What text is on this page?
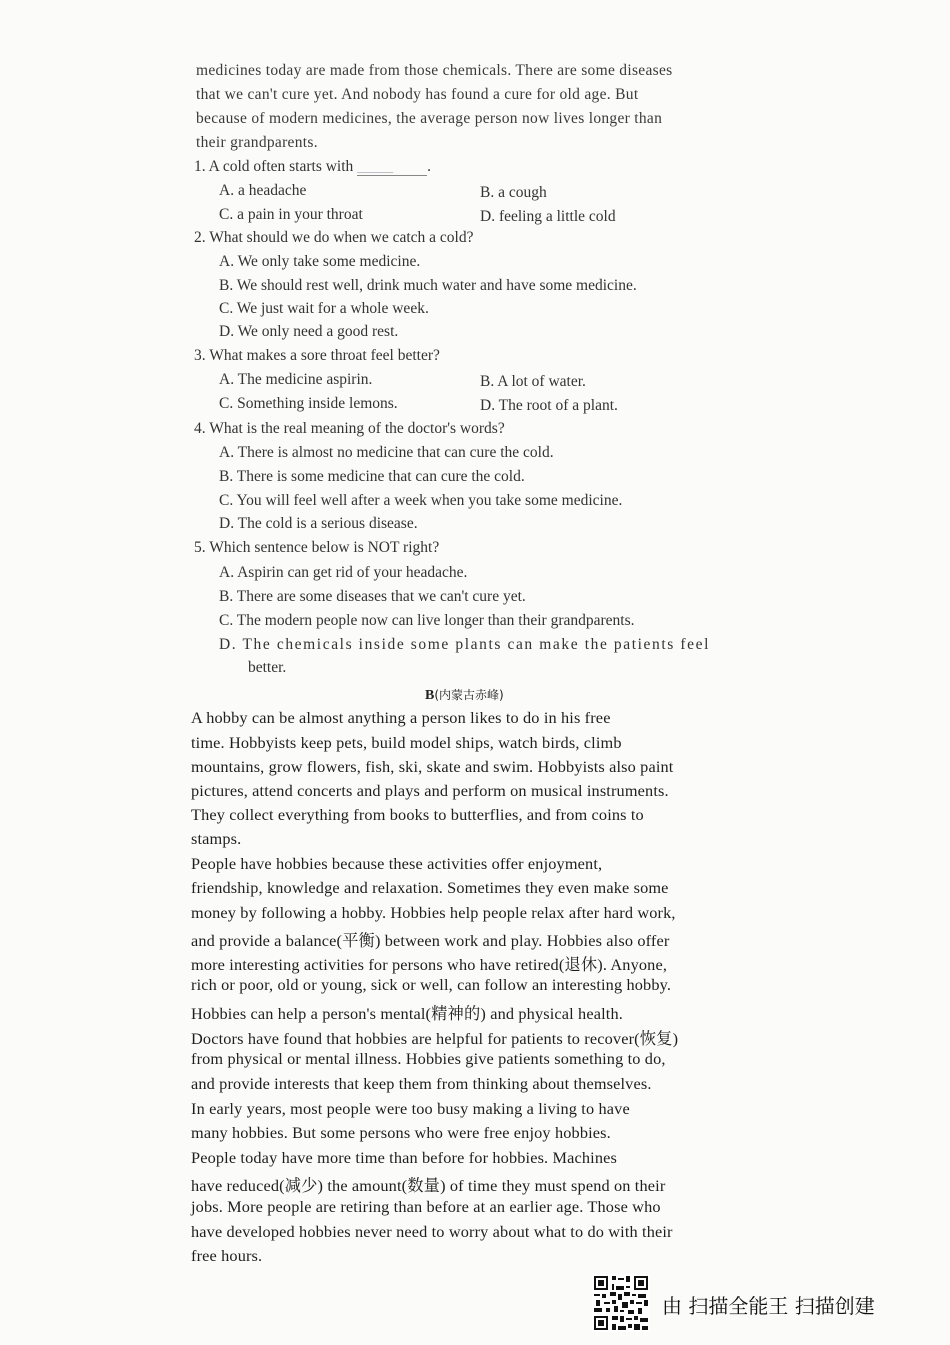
medicines today are made from those chemicals. There are some diseases

that we can't cure yet. And nobody has found a cure for old age. But

because of modern medicines, the average person now lives longer than

their grandparents.

1. A cold often starts with ______ .
A. a headache	B. a cough
C. a pain in your throat	D. feeling a little cold
2. What should we do when we catch a cold?
A. We only take some medicine.
B. We should rest well, drink much water and have some medicine.
C. We just wait for a whole week.
D. We only need a good rest.
3. What makes a sore throat feel better?
A. The medicine aspirin.	B. A lot of water.
C. Something inside lemons.	D. The root of a plant.
4. What is the real meaning of the doctor's words?
A. There is almost no medicine that can cure the cold.
B. There is some medicine that can cure the cold.
C. You will feel well after a week when you take some medicine.
D. The cold is a serious disease.
5. Which sentence below is NOT right?
A. Aspirin can get rid of your headache.
B. There are some diseases that we can't cure yet.
C. The modern people now can live longer than their grandparents.
D. The chemicals inside some plants can make the patients feel
better.
B(内蒙古赤峰)

A hobby can be almost anything a person likes to do in his free

time. Hobbyists keep pets, build model ships, watch birds, climb

mountains, grow flowers, fish, ski, skate and swim. Hobbyists also paint

pictures, attend concerts and plays and perform on musical instruments.

They collect everything from books to butterflies, and from coins to

stamps.

People have hobbies because these activities offer enjoyment,

friendship, knowledge and relaxation. Sometimes they even make some

money by following a hobby. Hobbies help people relax after hard work,

and provide a balance(平衡) between work and play. Hobbies also offer

more interesting activities for persons who have retired(退休). Anyone,

rich or poor, old or young, sick or well, can follow an interesting hobby.

Hobbies can help a person's mental(精神的) and physical health.

Doctors have found that hobbies are helpful for patients to recover(恢复)

from physical or mental illness. Hobbies give patients something to do,

and provide interests that keep them from thinking about themselves.

In early years, most people were too busy making a living to have

many hobbies. But some persons who were free enjoy hobbies.

People today have more time than before for hobbies. Machines

have reduced(减少) the amount(数量) of time they must spend on their

jobs. More people are retiring than before at an earlier age. Those who

have developed hobbies never need to worry about what to do with their

free hours.

由 扫描全能王 扫描创建
